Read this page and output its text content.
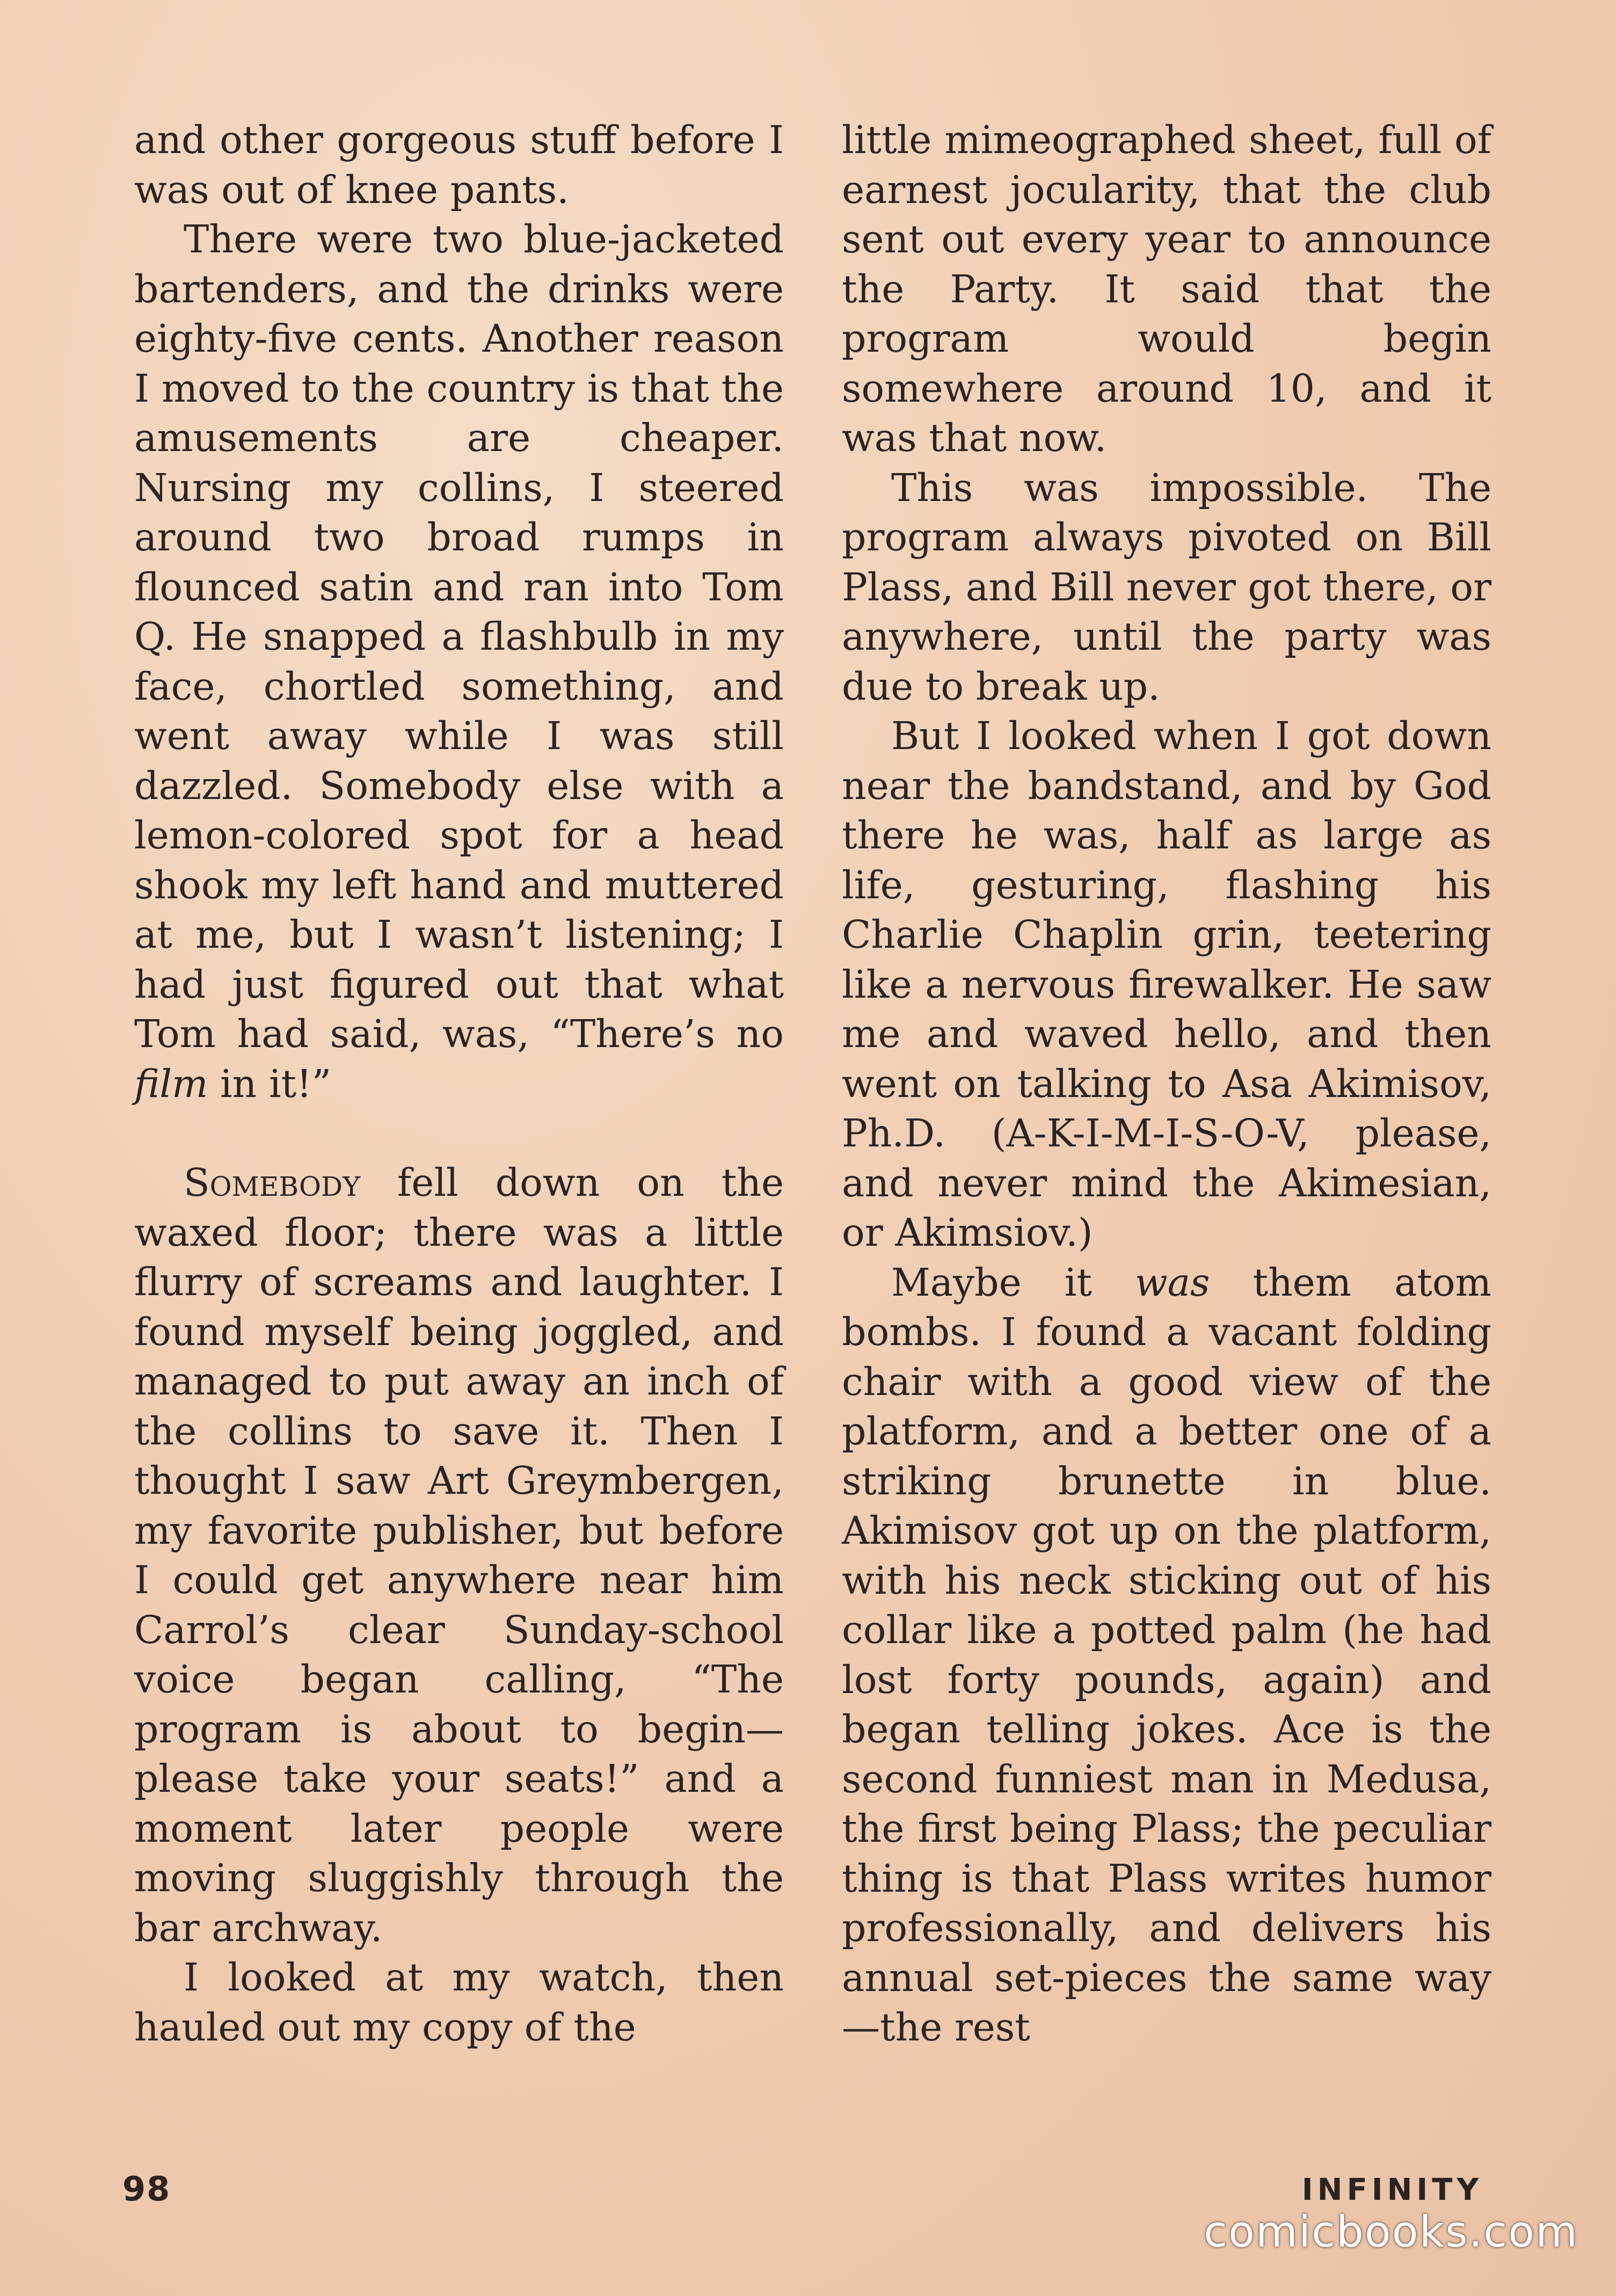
and other gorgeous stuff before I was out of knee pants.

There were two blue-jacketed bartenders, and the drinks were eighty-five cents. Another reason I moved to the country is that the amusements are cheaper. Nursing my collins, I steered around two broad rumps in flounced satin and ran into Tom Q. He snapped a flashbulb in my face, chortled something, and went away while I was still dazzled. Somebody else with a lemon-colored spot for a head shook my left hand and muttered at me, but I wasn’t listening; I had just figured out that what Tom had said, was, “There’s no film in it!”

Somebody fell down on the waxed floor; there was a little flurry of screams and laughter. I found myself being joggled, and managed to put away an inch of the collins to save it. Then I thought I saw Art Greymbergen, my favorite publisher, but before I could get anywhere near him Carrol’s clear Sunday-school voice began calling, “The program is about to begin—please take your seats!” and a moment later people were moving sluggishly through the bar archway.

I looked at my watch, then hauled out my copy of the

little mimeographed sheet, full of earnest jocularity, that the club sent out every year to announce the Party. It said that the program would begin somewhere around 10, and it was that now.

This was impossible. The program always pivoted on Bill Plass, and Bill never got there, or anywhere, until the party was due to break up.

But I looked when I got down near the bandstand, and by God there he was, half as large as life, gesturing, flashing his Charlie Chaplin grin, teetering like a nervous firewalker. He saw me and waved hello, and then went on talking to Asa Akimisov, Ph.D. (A-K-I-M-I-S-O-V, please, and never mind the Akimesian, or Akimsiov.)

Maybe it was them atom bombs. I found a vacant folding chair with a good view of the platform, and a better one of a striking brunette in blue. Akimisov got up on the platform, with his neck sticking out of his collar like a potted palm (he had lost forty pounds, again) and began telling jokes. Ace is the second funniest man in Medusa, the first being Plass; the peculiar thing is that Plass writes humor professionally, and delivers his annual set-pieces the same way—the rest

98	INFINITY
comicbooks.com
